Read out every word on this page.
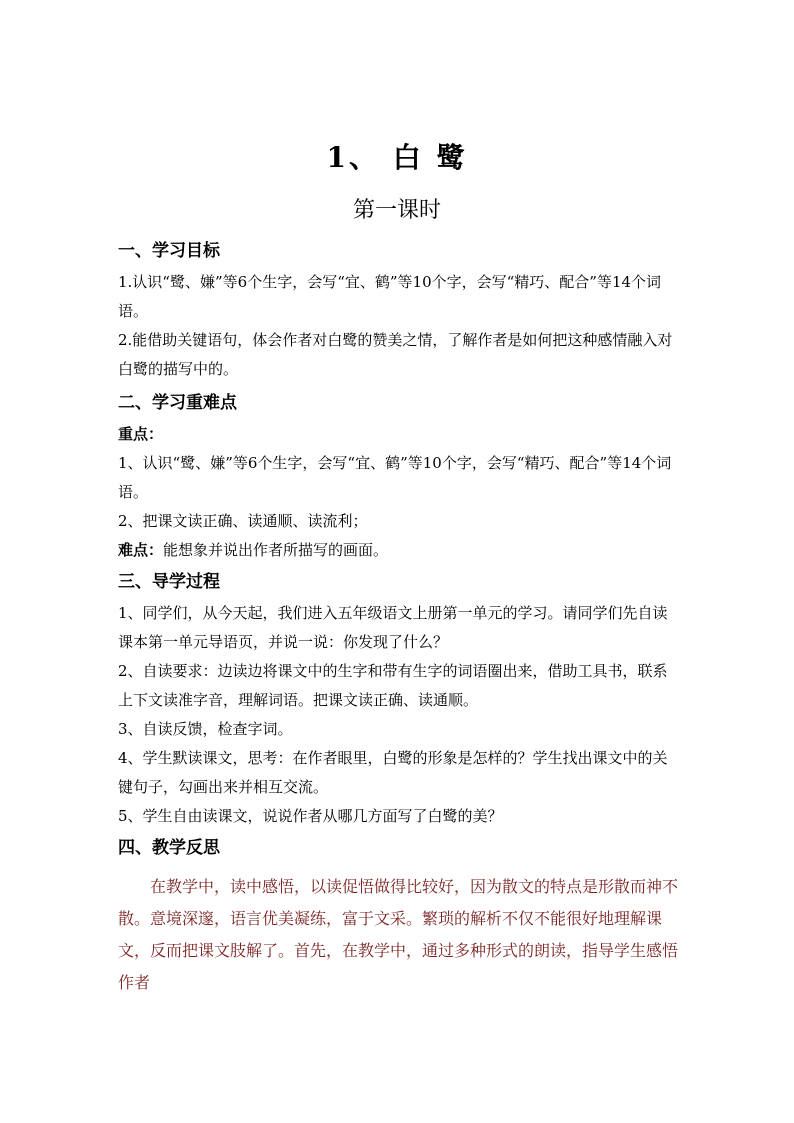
1、 白 鹭
第一课时

一、学习目标

1.认识“鹭、嫌”等6个生字，会写“宜、鹤”等10个字，会写“精巧、配合”等14个词语。

2.能借助关键语句，体会作者对白鹭的赞美之情，了解作者是如何把这种感情融入对白鹭的描写中的。

二、学习重难点

重点：

1、认识“鹭、嫌”等6个生字，会写“宜、鹤”等10个字，会写“精巧、配合”等14个词语。

2、把课文读正确、读通顺、读流利；

难点：能想象并说出作者所描写的画面。

三、导学过程

1、同学们，从今天起，我们进入五年级语文上册第一单元的学习。请同学们先自读课本第一单元导语页，并说一说：你发现了什么？

2、自读要求：边读边将课文中的生字和带有生字的词语圈出来，借助工具书，联系上下文读准字音，理解词语。把课文读正确、读通顺。

3、自读反馈，检查字词。

4、学生默读课文，思考：在作者眼里，白鹭的形象是怎样的？学生找出课文中的关键句子，勾画出来并相互交流。

5、学生自由读课文，说说作者从哪几方面写了白鹭的美？

四、教学反思

在教学中，读中感悟，以读促悟做得比较好，因为散文的特点是形散而神不散。意境深邃，语言优美凝练，富于文采。繁琐的解析不仅不能很好地理解课文，反而把课文肢解了。首先，在教学中，通过多种形式的朗读，指导学生感悟作者
